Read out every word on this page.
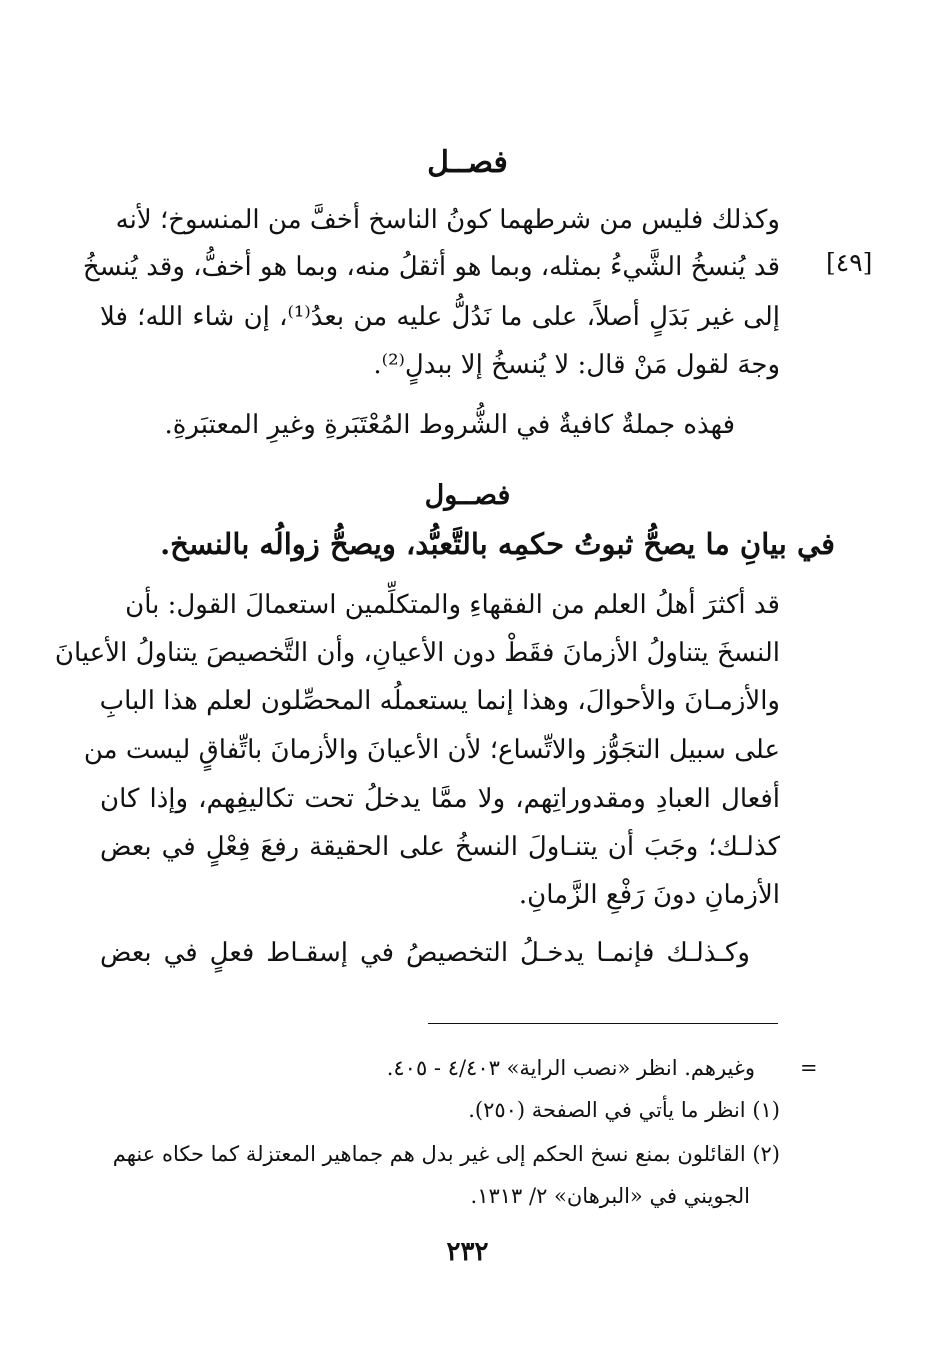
فصــل
وكذلك فليس من شرطهما كونُ الناسخ أخفَّ من المنسوخ؛ لأنه
قد يُنسخُ الشَّيءُ بمثله، وبما هو أثقلُ منه، وبما هو أخفُّ، وقد يُنسخُ
إلى غير بَدَلٍ أصلاً، على ما نَدُلُّ عليه من بعدُ⁽¹⁾، إن شاء الله؛ فلا
وجهَ لقول مَنْ قال: لا يُنسخُ إلا ببدلٍ⁽²⁾.
[٤٩]
فهذه جملةٌ كافيةٌ في الشُّروط المُعْتَبَرةِ وغيرِ المعتبَرةِ.
فصــول
في بيانِ ما يصحُّ ثبوتُ حكمِه بالتَّعبُّد، ويصحُّ زوالُه بالنسخ.
قد أكثرَ أهلُ العلم من الفقهاءِ والمتكلِّمين استعمالَ القول: بأن
النسخَ يتناولُ الأزمانَ فقَطْ دون الأعيانِ، وأن التَّخصيصَ يتناولُ الأعيانَ
والأزمـانَ والأحوالَ، وهذا إنما يستعملُه المحصِّلون لعلم هذا البابِ
على سبيل التجَوُّز والاتِّساع؛ لأن الأعيانَ والأزمانَ باتِّفاقٍ ليست من
أفعال العبادِ ومقدوراتِهم، ولا ممَّا يدخلُ تحت تكاليفِهم، وإذا كان
كذلـك؛ وجَبَ أن يتنـاولَ النسخُ على الحقيقة رفعَ فِعْلٍ في بعض
الأزمانِ دونَ رَفْعِ الزَّمانِ.
وكـذلـك فإنمـا يدخـلُ التخصيصُ في إسقـاط فعلٍ في بعض
=
وغيرهم. انظر «نصب الراية» ٤/٤٠٣ - ٤٠٥.
(١) انظر ما يأتي في الصفحة (٢٥٠).
(٢) القائلون بمنع نسخ الحكم إلى غير بدل هم جماهير المعتزلة كما حكاه عنهم
الجويني في «البرهان» ٢/ ١٣١٣.
٢٣٢
